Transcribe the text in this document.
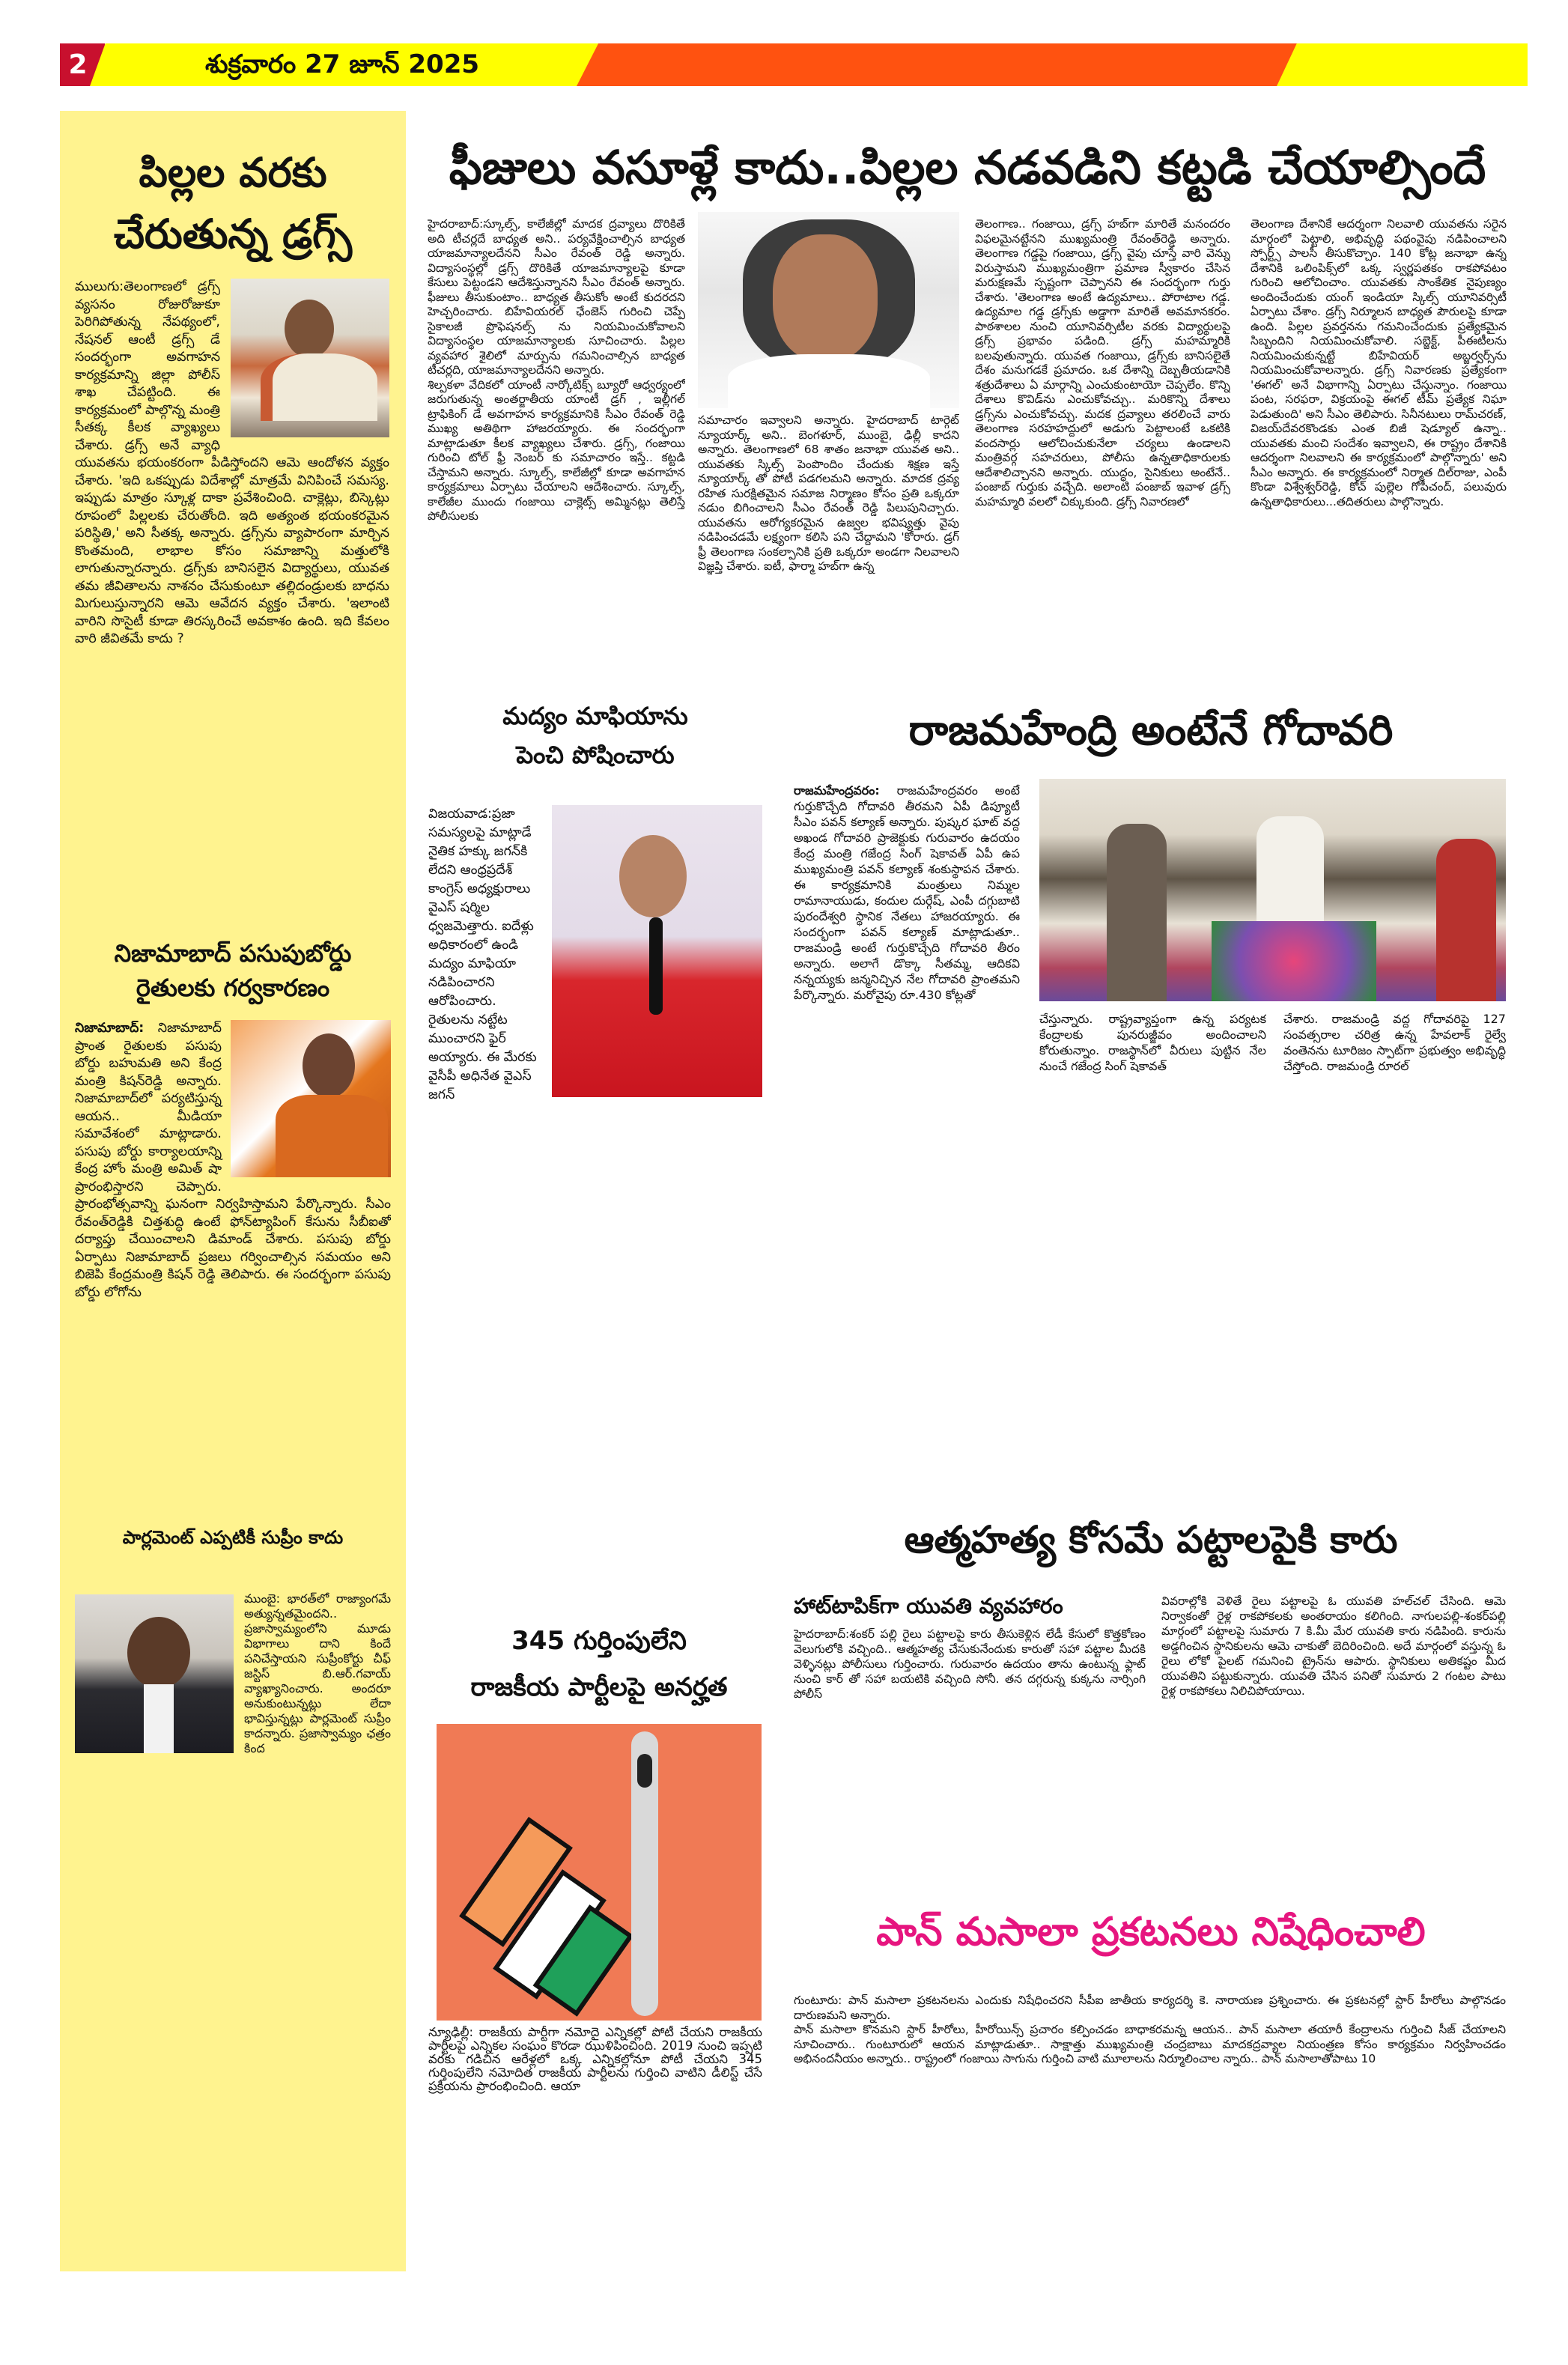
2	శుక్రవారం 27 జూన్ 2025
పిల్లల వరకు
చేరుతున్న డ్రగ్స్

ములుగు:తెలంగాణలో డ్రగ్స్ వ్యసనం రోజురోజుకూ పెరిగిపోతున్న నేపథ్యంలో, నేషనల్ ఆంటీ డ్రగ్స్ డే సందర్భంగా అవగాహన కార్యక్రమాన్ని జిల్లా పోలీస్ శాఖ చేపట్టింది. ఈ కార్యక్రమంలో పాల్గొన్న మంత్రి సీతక్క కీలక వ్యాఖ్యలు చేశారు. డ్రగ్స్ అనే వ్యాధి యువతను భయంకరంగా పీడిస్తోందని ఆమె ఆందోళన వ్యక్తం చేశారు. 'ఇది ఒకప్పుడు విదేశాల్లో మాత్రమే వినిపించే సమస్య. ఇప్పుడు మాత్రం స్కూళ్ల దాకా ప్రవేశించింది. చాక్లెట్లు, బిస్కెట్లు రూపంలో పిల్లలకు చేరుతోంది. ఇది అత్యంత భయంకరమైన పరిస్థితి,' అని సీతక్క అన్నారు. డ్రగ్స్‌ను వ్యాపారంగా మార్చిన కొంతమంది, లాభాల కోసం సమాజాన్ని మత్తులోకి లాగుతున్నారన్నారు. డ్రగ్స్‌కు బానిసలైన విద్యార్థులు, యువత తమ జీవితాలను నాశనం చేసుకుంటూ తల్లిదండ్రులకు బాధను మిగులుస్తున్నారని ఆమె ఆవేదన వ్యక్తం చేశారు. 'ఇలాంటి వారిని సొసైటీ కూడా తిరస్కరించే అవకాశం ఉంది. ఇది కేవలం వారి జీవితమే కాదు ?

నిజామాబాద్ పసుపుబోర్డు
రైతులకు గర్వకారణం

నిజామాబాద్: నిజామాబాద్ ప్రాంత రైతులకు పసుపు బోర్డు బహుమతి అని కేంద్ర మంత్రి కిషన్‌రెడ్డి అన్నారు. నిజామాబాద్‌లో పర్యటిస్తున్న ఆయన.. మీడియా సమావేశంలో మాట్లాడారు. పసుపు బోర్డు కార్యాలయాన్ని కేంద్ర హోం మంత్రి అమిత్ షా ప్రారంభిస్తారని చెప్పారు. ప్రారంభోత్సవాన్ని ఘనంగా నిర్వహిస్తామని పేర్కొన్నారు. సీఎం రేవంత్‌రెడ్డికి చిత్తశుద్ధి ఉంటే ఫోన్‌ట్యాపింగ్ కేసును సీబీఐతో దర్యాప్తు చేయించాలని డిమాండ్ చేశారు. పసుపు బోర్డు ఏర్పాటు నిజామాబాద్ ప్రజలు గర్వించాల్సిన సమయం అని బిజెపి కేంద్రమంత్రి కిషన్ రెడ్డి తెలిపారు. ఈ సందర్భంగా పసుపు బోర్డు లోగోను

పార్లమెంట్ ఎప్పటికీ సుప్రీం కాదు

ముంబై: భారత్‌లో రాజ్యాంగమే అత్యున్నతమైందని.. ప్రజాస్వామ్యంలోని మూడు విభాగాలు దాని కిందే పనిచేస్తాయని సుప్రీంకోర్టు చీఫ్ జస్టిస్ బి.ఆర్.గవాయ్ వ్యాఖ్యానించారు. అందరూ అనుకుంటున్నట్లు లేదా భావిస్తున్నట్లు పార్లమెంట్ సుప్రీం కాదన్నారు. ప్రజాస్వామ్యం ఛత్రం కింద

ఫీజులు వసూళ్లే కాదు..పిల్లల నడవడిని కట్టడి చేయాల్సిందే

హైదరాబాద్:స్కూల్స్, కాలేజీల్లో మాదక ద్రవ్యాలు దొరికితే అది టీచర్లదే బాధ్యత అని.. పర్యవేక్షించాల్సిన బాధ్యత యాజమాన్యాలదేనని సీఎం రేవంత్ రెడ్డి అన్నారు. విద్యాసంస్థల్లో డ్రగ్స్ దొరికితే యాజమాన్యాలపై కూడా కేసులు పెట్టండని ఆదేశిస్తున్నానని సీఎం రేవంత్ అన్నారు. ఫీజులు తీసుకుంటాం.. బాధ్యత తీసుకోం అంటే కుదరదని హెచ్చరించారు. బిహేవియరల్ ఛేంజెస్ గురించి చెప్పే సైకాలజీ ప్రొఫెషనల్స్ ను నియమించుకోవాలని విద్యాసంస్థల యాజమాన్యాలకు సూచించారు. పిల్లల వ్యవహార శైలిలో మార్పును గమనించాల్సిన బాధ్యత టీచర్లది, యాజమాన్యాలదేనని అన్నారు.

శిల్పకళా వేదికలో యాంటీ నార్కోటిక్స్ బ్యూరో ఆధ్వర్యంలో జరుగుతున్న అంతర్జాతీయ యాంటీ డ్రగ్ , ఇల్లీగల్ ట్రాఫికింగ్ డే అవగాహన కార్యక్రమానికి సీఎం రేవంత్ రెడ్డి ముఖ్య అతిథిగా హాజరయ్యారు. ఈ సందర్భంగా మాట్లాడుతూ కీలక వ్యాఖ్యలు చేశారు. డ్రగ్స్, గంజాయి గురించి టోల్ ఫ్రీ నెంబర్ కు సమాచారం ఇస్తే.. కట్టడి చేస్తామని అన్నారు. స్కూల్స్, కాలేజీల్లో కూడా అవగాహన కార్యక్రమాలు ఏర్పాటు చేయాలని ఆదేశించారు. స్కూల్స్, కాలేజీల ముందు గంజాయి చాక్లెట్స్ అమ్మినట్లు తెలిస్తే పోలీసులకు

సమాచారం ఇవ్వాలని అన్నారు. హైదరాబాద్ టార్గెట్ న్యూయార్క్ అని.. బెంగళూర్, ముంబై, ఢిల్లీ కాదని అన్నారు. తెలంగాణలో 68 శాతం జనాభా యువత అని.. యువతకు స్కిల్స్ పెంపొందిం చేందుకు శిక్షణ ఇస్తే న్యూయార్క్ తో పోటీ పడగలమని అన్నారు. మాదక ద్రవ్య రహిత సురక్షితమైన సమాజ నిర్మాణం కోసం ప్రతి ఒక్కరూ నడుం బిగించాలని సీఎం రేవంత్ రెడ్డి పిలుపునిచ్చారు. యువతను ఆరోగ్యకరమైన ఉజ్వల భవిష్యత్తు వైపు నడిపించడమే లక్ష్యంగా కలిసి పని చేద్దామని 'కోరారు. డ్రగ్ ఫ్రీ తెలంగాణ సంకల్పానికి ప్రతి ఒక్కరూ అండగా నిలవాలని విజ్ఞప్తి చేశారు. ఐటీ, ఫార్మా హబ్‌గా ఉన్న

తెలంగాణ.. గంజాయి, డ్రగ్స్ హబ్‌గా మారితే మనందరం విఫలమైనట్టేనని ముఖ్యమంత్రి రేవంత్‌రెడ్డి అన్నారు. తెలంగాణ గడ్డపై గంజాయి, డ్రగ్స్ వైపు చూస్తే వారి వెన్ను విరుస్తామని ముఖ్యమంత్రిగా ప్రమాణ స్వీకారం చేసిన మరుక్షణమే స్పష్టంగా చెప్పానని ఈ సందర్భంగా గుర్తు చేశారు. 'తెలంగాణ అంటే ఉద్యమాలు.. పోరాటాల గడ్డ. ఉద్యమాల గడ్డ డ్రగ్స్‌కు అడ్డాగా మారితే అవమానకరం. పాఠశాలల నుంచి యూనివర్సిటీల వరకు విద్యార్థులపై డ్రగ్స్ ప్రభావం పడింది. డ్రగ్స్ మహమ్మారికి బలవుతున్నారు. యువత గంజాయి, డ్రగ్స్‌కు బానిసలైతే దేశం మనుగడకే ప్రమాదం. ఒక దేశాన్ని దెబ్బతీయడానికి శత్రుదేశాలు ఏ మార్గాన్ని ఎంచుకుంటాయో చెప్పలేం. కొన్ని దేశాలు కొవిడ్‌ను ఎంచుకోవచ్చు.. మరికొన్ని దేశాలు డ్రగ్స్‌ను ఎంచుకోవచ్చు. మదక ద్రవ్యాలు తరలించే వారు తెలంగాణ సరహహద్దులో అడుగు పెట్టాలంటే ఒకటికి వందసార్లు ఆలోచించుకునేలా చర్యలు ఉండాలని మంత్రివర్గ సహచరులు, పోలీసు ఉన్నతాధికారులకు ఆదేశాలిచ్చానని అన్నారు. యుద్ధం, సైనికులు అంటేనే.. పంజాబ్ గుర్తుకు వచ్చేది. అలాంటి పంజాబ్ ఇవాళ డ్రగ్స్ మహమ్మారి వలలో చిక్కుకుంది. డ్రగ్స్ నివారణలో

తెలంగాణ దేశానికే ఆదర్శంగా నిలవాలి యువతను సరైన మార్గంలో పెట్టాలి, అభివృద్ధి పథంవైపు నడిపించాలని స్పోర్ట్స్ పాలసీ తీసుకొచ్చాం. 140 కోట్ల జనాభా ఉన్న దేశానికి ఒలింపిక్స్‌లో ఒక్క స్వర్ణపతకం రాకపోవటం గురించి ఆలోచించాం. యువతకు సాంకేతిక నైపుణ్యం అందించేందుకు యంగ్ ఇండియా స్కిల్స్ యూనివర్సిటీ ఏర్పాటు చేశాం. డ్రగ్స్ నిర్మూలన బాధ్యత పౌరులపై కూడా ఉంది. పిల్లల ప్రవర్తనను గమనించేందుకు ప్రత్యేకమైన సిబ్బందిని నియమించుకోవాలి. సబ్జెక్ట్, పీఈటీలను నియమించుకున్నట్టే బిహేవియర్ అబ్జర్వర్స్‌ను నియమించుకోవాలన్నారు. డ్రగ్స్ నివారణకు ప్రత్యేకంగా 'ఈగల్' అనే విభాగాన్ని ఏర్పాటు చేస్తున్నాం. గంజాయి పంట, సరఫరా, విక్రయంపై ఈగల్ టీమ్ ప్రత్యేక నిఘా పెడుతుంది' అని సీఎం తెలిపారు. సినీనటులు రామ్‌చరణ్, విజయ్‌దేవరకొండకు ఎంత బిజీ షెడ్యూల్ ఉన్నా.. యువతకు మంచి సందేశం ఇవ్వాలని, ఈ రాష్ట్రం దేశానికి ఆదర్శంగా నిలవాలని ఈ కార్యక్రమంలో పాల్గొన్నారు' అని సీఎం అన్నారు. ఈ కార్యక్రమంలో నిర్మాత దిల్‌రాజు, ఎంపీ కొండా విశ్వేశ్వర్‌రెడ్డి, కోచ్ పుల్లెల గోపీచంద్, పలువురు ఉన్నతాధికారులు...తదితరులు పాల్గొన్నారు.

మద్యం మాఫియాను
పెంచి పోషించారు

విజయవాడ:ప్రజా సమస్యలపై మాట్లాడే నైతిక హక్కు జగన్‌కి లేదని ఆంధ్రప్రదేశ్ కాంగ్రెస్ అధ్యక్షురాలు వైఎస్ షర్మిల ధ్వజమెత్తారు. ఐదేళ్లు అధికారంలో ఉండి మద్యం మాఫియా నడిపించారని ఆరోపించారు. రైతులను నట్టేట ముంచారని ఫైర్ అయ్యారు. ఈ మేరకు వైసీపీ అధినేత వైఎస్ జగన్

345 గుర్తింపులేని
రాజకీయ పార్టీలపై అనర్హత

న్యూఢిల్లీ: రాజకీయ పార్టీగా నమోదై ఎన్నికల్లో పోటీ చేయని రాజకీయ పార్టీలపై ఎన్నికల సంఘం కొరడా ఝుళిపించింది. 2019 నుంచి ఇప్పటి వరకు గడిచిన ఆరేళ్లలో ఒక్క ఎన్నికల్లోనూ పోటీ చేయని 345 గుర్తింపులేని నమోదిత రాజకీయ పార్టీలను గుర్తించి వాటిని డీలిస్ట్ చేసే ప్రక్రియను ప్రారంభించింది. ఆయా

రాజమహేంద్రి అంటేనే గోదావరి

రాజమహేంద్రవరం: రాజమహేంద్రవరం అంటే గుర్తుకొచ్చేది గోదావరి తీరమని ఏపీ డిప్యూటీ సీఎం పవన్ కల్యాణ్ అన్నారు. పుష్కర ఘాట్ వద్ద అఖండ గోదావరి ప్రాజెక్టుకు గురువారం ఉదయం కేంద్ర మంత్రి గజేంద్ర సింగ్ షెకావత్ ఏపీ ఉప ముఖ్యమంత్రి పవన్ కల్యాణ్ శంకుస్థాపన చేశారు. ఈ కార్యక్రమానికి మంత్రులు నిమ్మల రామానాయుడు, కందుల దుర్గేష్, ఎంపీ దగ్గుబాటి పురందేశ్వరి స్థానిక నేతలు హాజరయ్యారు. ఈ సందర్భంగా పవన్ కల్యాణ్ మాట్లాడుతూ.. రాజమండ్రి అంటే గుర్తుకొచ్చేది గోదావరి తీరం అన్నారు. అలాగే డొక్కా సీతమ్మ, ఆదికవి నన్నయ్యకు జన్మనిచ్చిన నేల గోదావరి ప్రాంతమని పేర్కొన్నారు. మరోవైపు రూ.430 కోట్లతో

చేస్తున్నారు. రాష్ట్రవ్యాప్తంగా ఉన్న పర్యటక కేంద్రాలకు పునరుజ్జీవం అందించాలని కోరుతున్నాం. రాజస్థాన్‌లో వీరులు పుట్టిన నేల నుంచే గజేంద్ర సింగ్ షెకావత్

చేశారు. రాజమండ్రి వద్ద గోదావరిపై 127 సంవత్సరాల చరిత్ర ఉన్న హేవలాక్ రైల్వే వంతెనను టూరిజం స్పాట్‌గా ప్రభుత్వం అభివృద్ధి చేస్తోంది. రాజమండ్రి రూరల్

ఆత్మహత్య కోసమే పట్టాలపైకి కారు
హాట్‌టాపిక్‌గా యువతి వ్యవహారం

హైదరాబాద్:శంకర్ పల్లి రైలు పట్టాలపై కారు తీసుకెళ్లిన లేడీ కేసులో కొత్తకోణం వెలుగులోకి వచ్చింది.. ఆత్మహత్య చేసుకునేందుకు కారుతో సహా పట్టాల మీదకి వెళ్ళినట్లు పోలీసులు గుర్తించారు. గురువారం ఉదయం తాను ఉంటున్న ఫ్లాట్ నుంచి కార్ తో సహా బయటికి వచ్చింది సోనీ. తన దగ్గరున్న కుక్కను నార్సింగి పోలీస్

వివరాల్లోకి వెళితే రైలు పట్టాలపై ఓ యువతి హల్‌చల్ చేసింది. ఆమె నిర్వాకంతో రైళ్ల రాకపోకలకు అంతరాయం కలిగింది. నాగులపల్లి-శంకర్‌పల్లి మార్గంలో పట్టాలపై సుమారు 7 కి.మీ మేర యువతి కారు నడిపింది. కారును అడ్డగించిన స్థానికులను ఆమె చాకుతో బెదిరించింది. అదే మార్గంలో వస్తున్న ఓ రైలు లోకో పైలట్ గమనించి ట్రైన్‌ను ఆపారు. స్థానికులు అతికష్టం మీద యువతిని పట్టుకున్నారు. యువతి చేసిన పనితో సుమారు 2 గంటల పాటు రైళ్ల రాకపోకలు నిలిచిపోయాయి.

పాన్ మసాలా ప్రకటనలు నిషేధించాలి

గుంటూరు: పాన్ మసాలా ప్రకటనలను ఎందుకు నిషేధించరని సీపీఐ జాతీయ కార్యదర్శి కె. నారాయణ ప్రశ్నించారు. ఈ ప్రకటనల్లో స్టార్ హీరోలు పాల్గొనడం దారుణమని అన్నారు.

పాన్ మసాలా కొనమని స్టార్ హీరోలు, హీరోయిన్స్ ప్రచారం కల్పించడం బాధాకరమన్న ఆయన.. పాన్ మసాలా తయారీ కేంద్రాలను గుర్తించి సీజ్ చేయాలని సూచించారు.. గుంటూరులో ఆయన మాట్లాడుతూ.. సాక్షాత్తు ముఖ్యమంత్రి చంద్రబాబు మాదకద్రవ్యాల నియంత్రణ కోసం కార్యక్రమం నిర్వహించడం అభినందనీయం అన్నారు.. రాష్ట్రంలో గంజాయి సాగును గుర్తించి వాటి మూలాలను నిర్మూలించాల న్నారు.. పాన్ మసాలాతోపాటు 10
